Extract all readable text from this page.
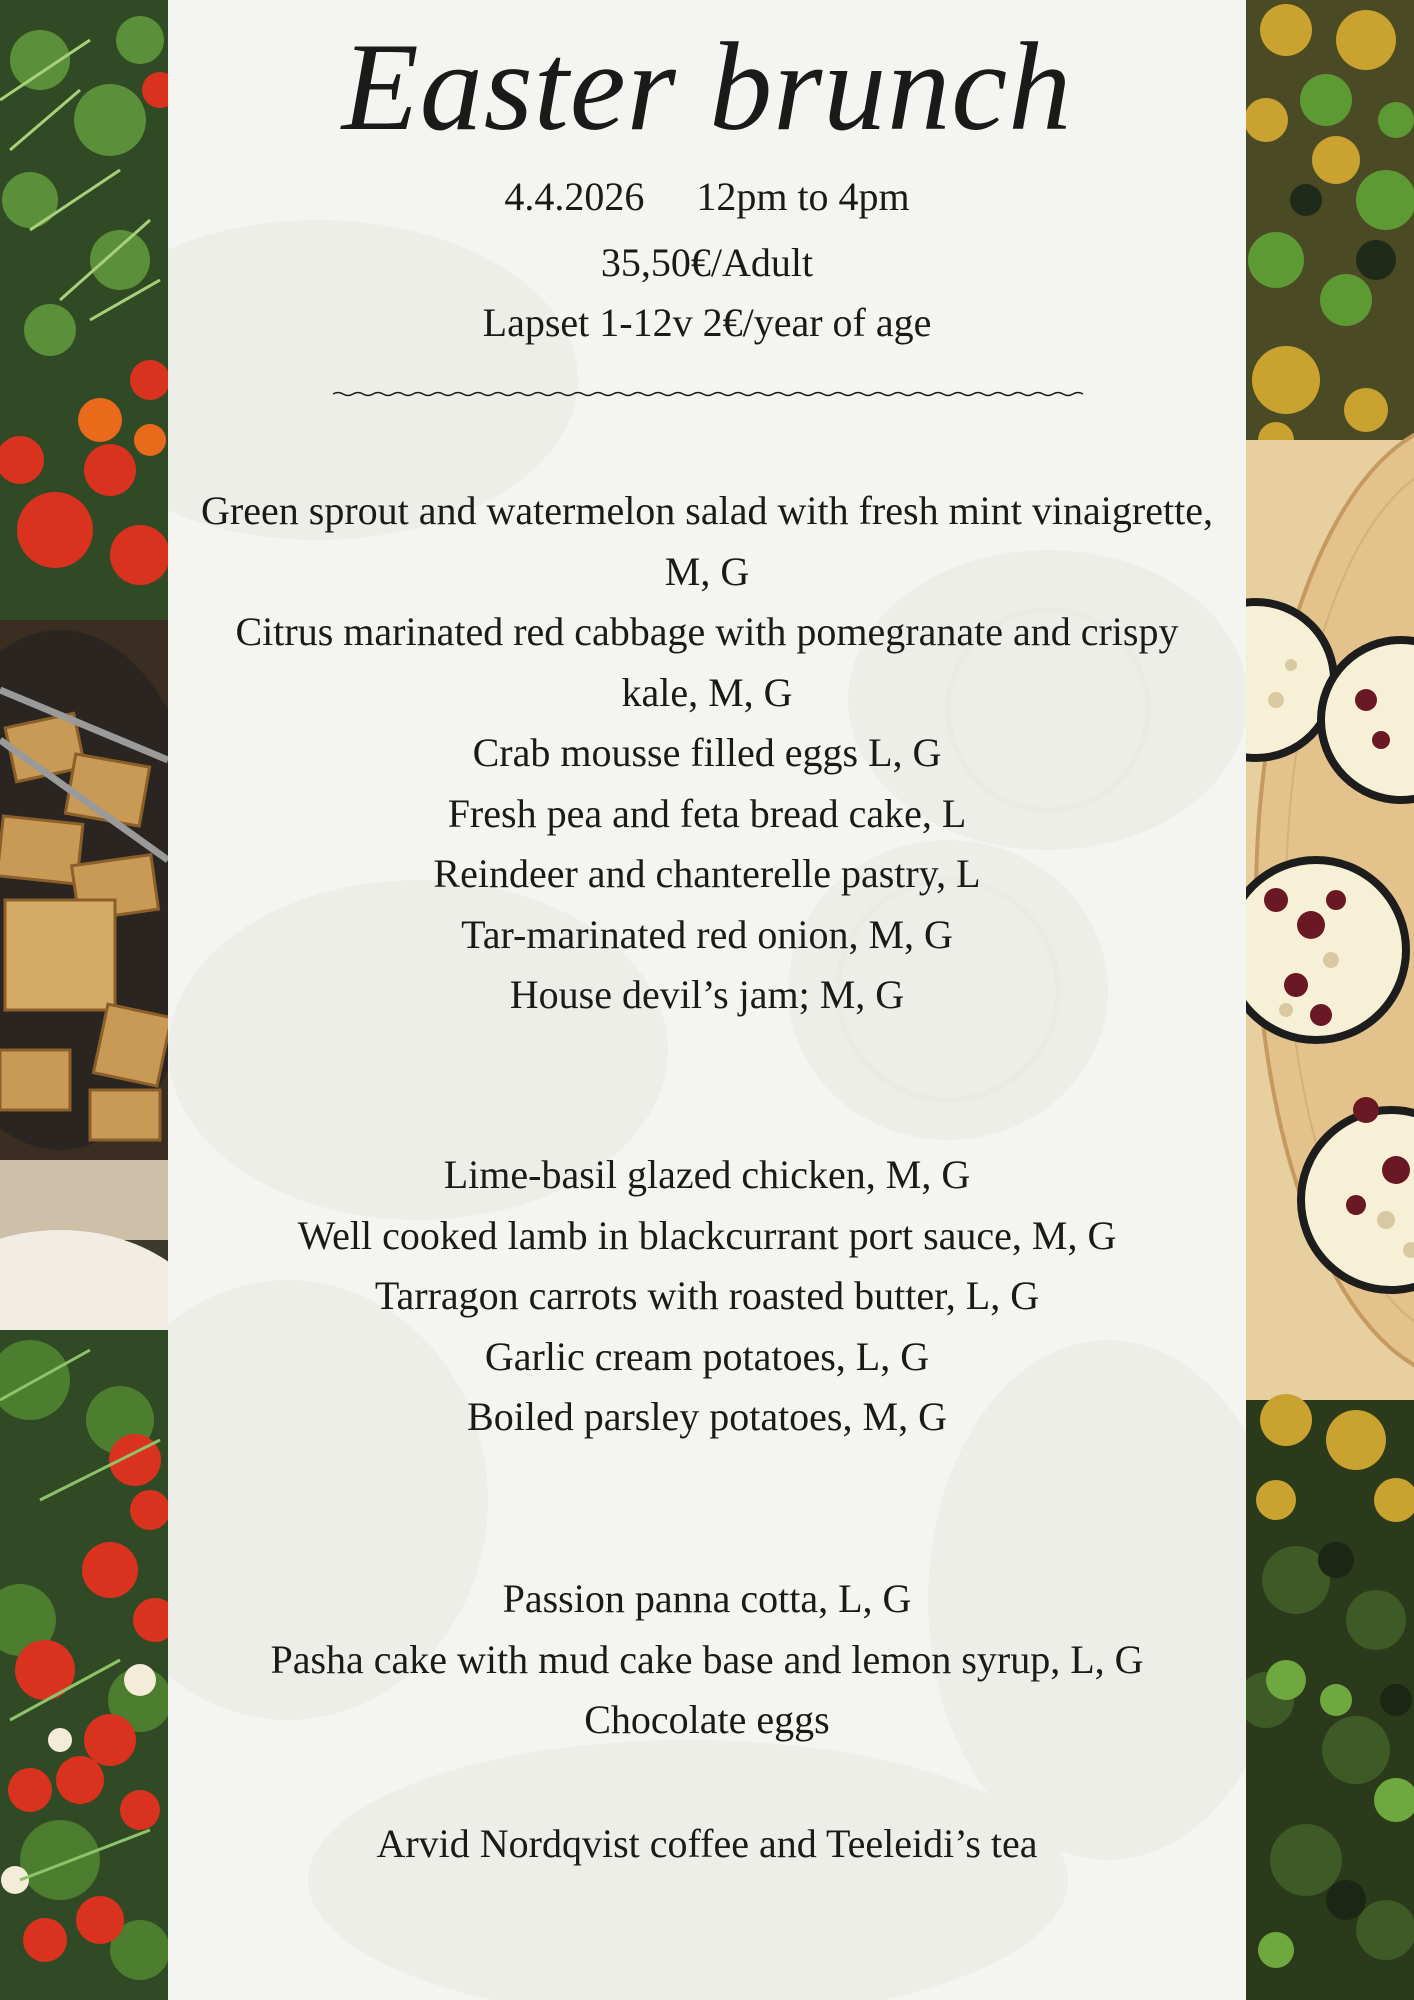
Easter brunch
4.4.2026 12pm to 4pm
35,50€/Adult
Lapset 1-12v 2€/year of age

Green sprout and watermelon salad with fresh mint vinaigrette, M, G

Citrus marinated red cabbage with pomegranate and crispy kale, M, G

Crab mousse filled eggs L, G

Fresh pea and feta bread cake, L

Reindeer and chanterelle pastry, L

Tar-marinated red onion, M, G

House devil’s jam; M, G

Lime-basil glazed chicken, M, G

Well cooked lamb in blackcurrant port sauce, M, G

Tarragon carrots with roasted butter, L, G

Garlic cream potatoes, L, G

Boiled parsley potatoes, M, G

Passion panna cotta, L, G

Pasha cake with mud cake base and lemon syrup, L, G

Chocolate eggs

Arvid Nordqvist coffee and Teeleidi’s tea
